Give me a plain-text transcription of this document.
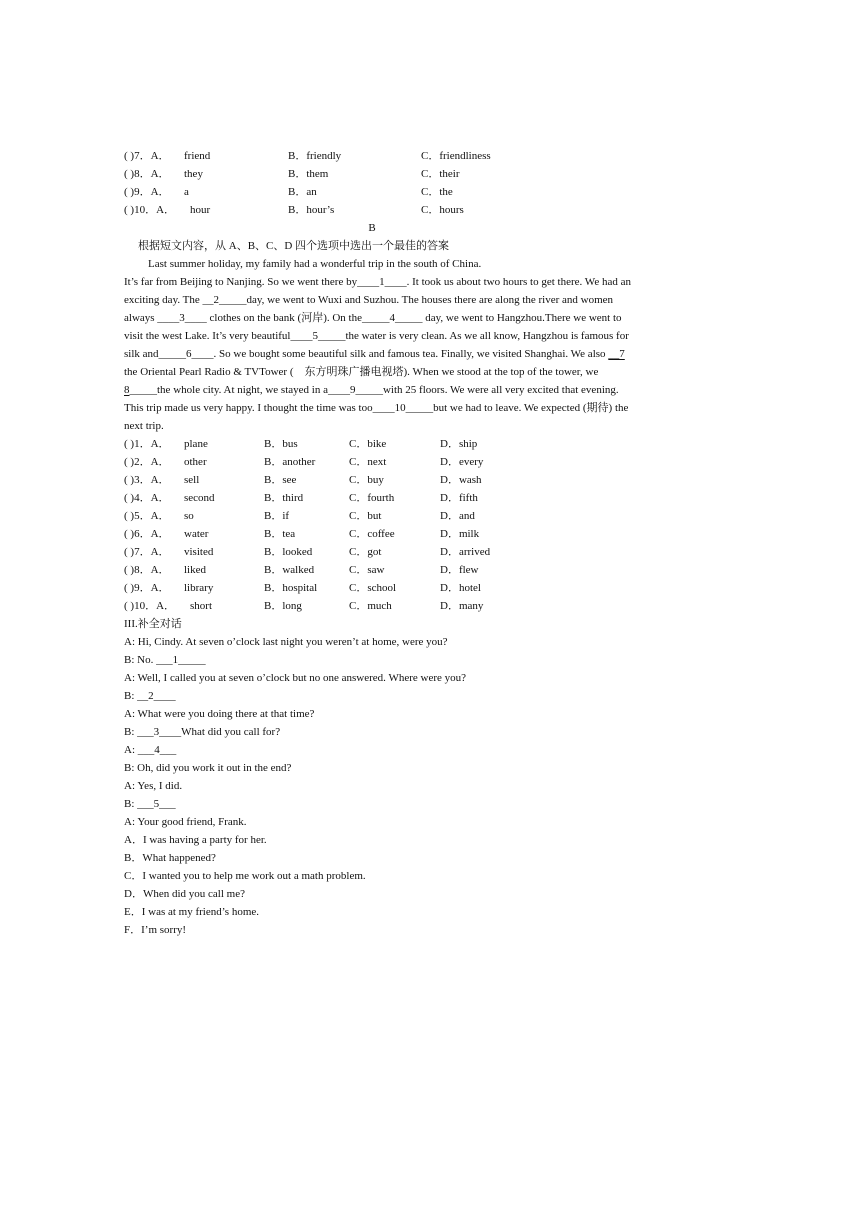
( )7．A． friend	B．friendly	C．friendliness
( )8．A． they	B．them	C．their
( )9．A． a	B．an	C．the
( )10．A． hour	B．hour’s	C．hours
B
根据短文内容，从 A、B、C、D 四个选项中选出一个最佳的答案
Last summer holiday, my family had a wonderful trip in the south of China.
It’s far from Beijing to Nanjing. So we went there by____1____. It took us about two hours to get there. We had an
exciting day. The __2_____day, we went to Wuxi and Suzhou. The houses there are along the river and women
always ____3____ clothes on the bank (河岸). On the_____4_____ day, we went to Hangzhou.There we went to
visit the west Lake. It’s very beautiful____5_____the water is very clean. As we all know, Hangzhou is famous for
silk and_____6____. So we bought some beautiful silk and famous tea. Finally, we visited Shanghai. We also __7
the Oriental Pearl Radio & TVTower ( 东方明珠广播电视塔). When we stood at the top of the tower, we
8_____the whole city. At night, we stayed in a____9_____with 25 floors. We were all very excited that evening.
This trip made us very happy. I thought the time was too____10_____but we had to leave. We expected (期待) the
next trip.
( )1．A． plane	B．bus	C．bike	D．ship
( )2．A． other	B．another	C．next	D．every
( )3．A． sell	B．see	C．buy	D．wash
( )4．A． second	B．third	C．fourth	D．fifth
( )5．A． so	B．if	C．but	D．and
( )6．A． water	B．tea	C．coffee	D．milk
( )7．A． visited	B．looked	C．got	D．arrived
( )8．A． liked	B．walked	C．saw	D．flew
( )9．A． library	B．hospital	C．school	D．hotel
( )10．A． short	B．long	C．much	D．many
III.补全对话
A: Hi, Cindy. At seven o’clock last night you weren’t at home, were you?
B: No. ___1_____
A: Well, I called you at seven o’clock but no one answered. Where were you?
B: __2____
A: What were you doing there at that time?
B: ___3____What did you call for?
A: ___4___
B: Oh, did you work it out in the end?
A: Yes, I did.
B: ___5___
A: Your good friend, Frank.
A．I was having a party for her.
B．What happened?
C．I wanted you to help me work out a math problem.
D．When did you call me?
E．I was at my friend’s home.
F．I’m sorry!
